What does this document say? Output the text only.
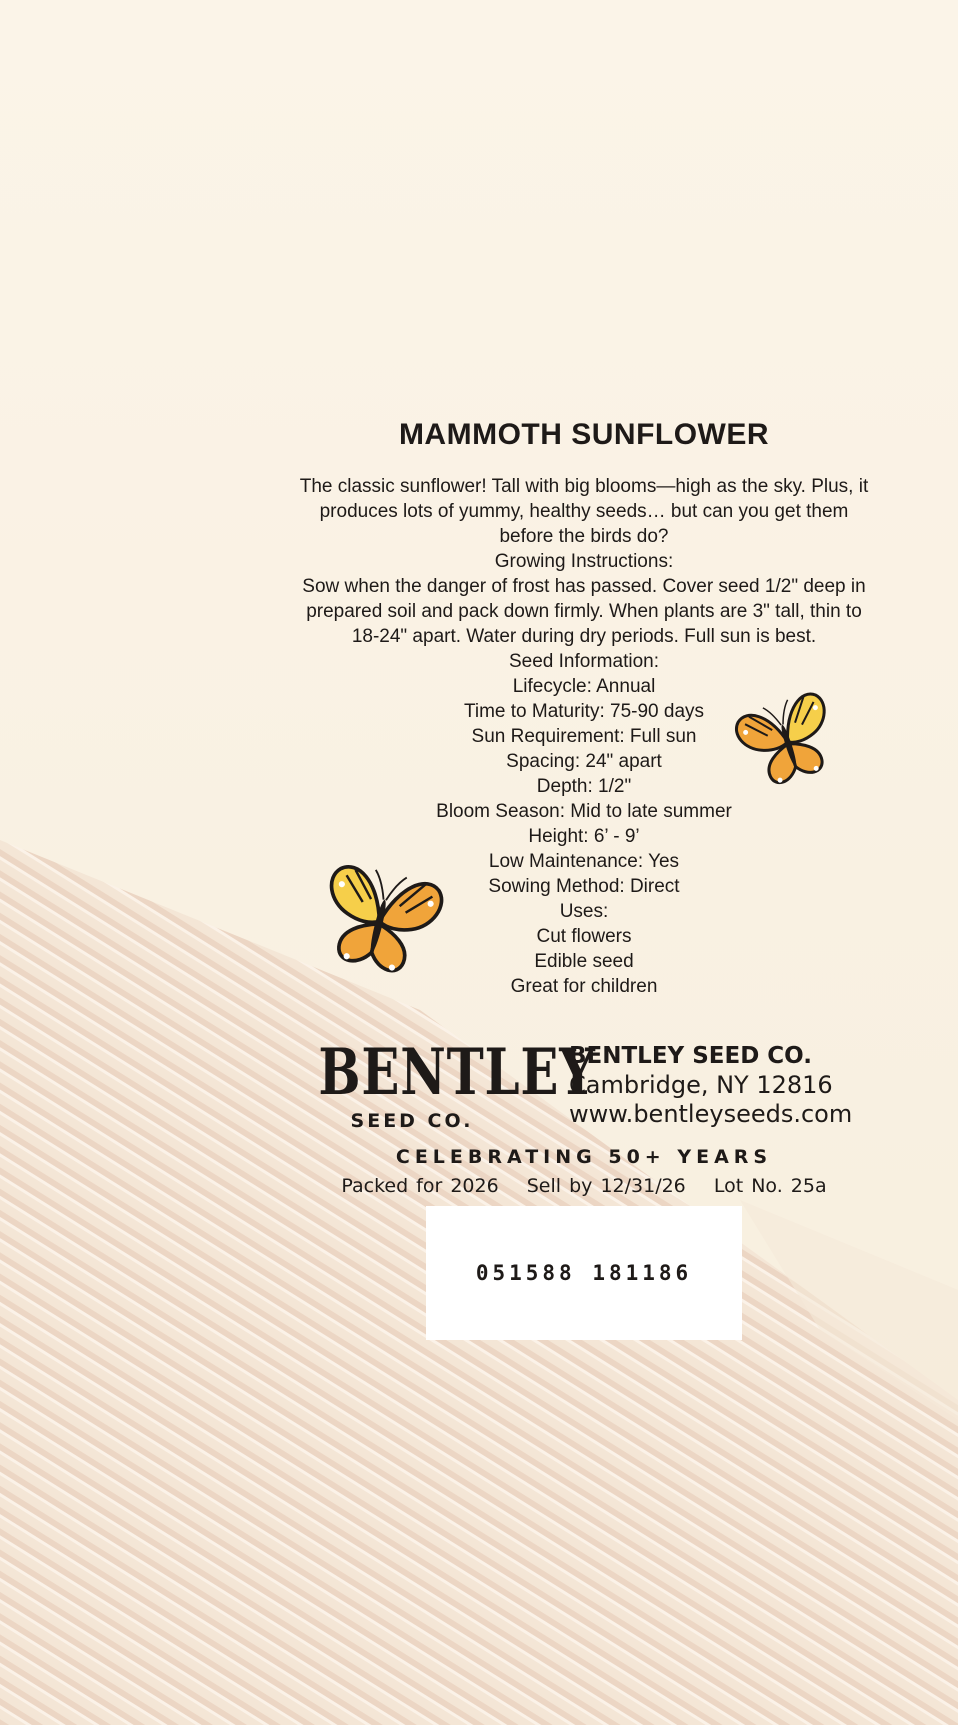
MAMMOTH SUNFLOWER

The classic sunflower! Tall with big blooms—high as the sky. Plus, it

produces lots of yummy, healthy seeds… but can you get them

before the birds do?

Growing Instructions:

Sow when the danger of frost has passed. Cover seed 1/2" deep in

prepared soil and pack down firmly. When plants are 3" tall, thin to

18-24" apart. Water during dry periods. Full sun is best.

Seed Information:

Lifecycle: Annual

Time to Maturity: 75-90 days

Sun Requirement: Full sun

Spacing: 24" apart

Depth: 1/2"

Bloom Season: Mid to late summer

Height: 6’ - 9’

Low Maintenance: Yes

Sowing Method: Direct

Uses:

Cut flowers

Edible seed

Great for children

BENTLEY
SEED CO.
BENTLEY SEED CO.
Cambridge, NY 12816
www.bentleyseeds.com
CELEBRATING 50+ YEARS
Packed for 2026 Sell by 12/31/26 Lot No. 25a
051588 181186
